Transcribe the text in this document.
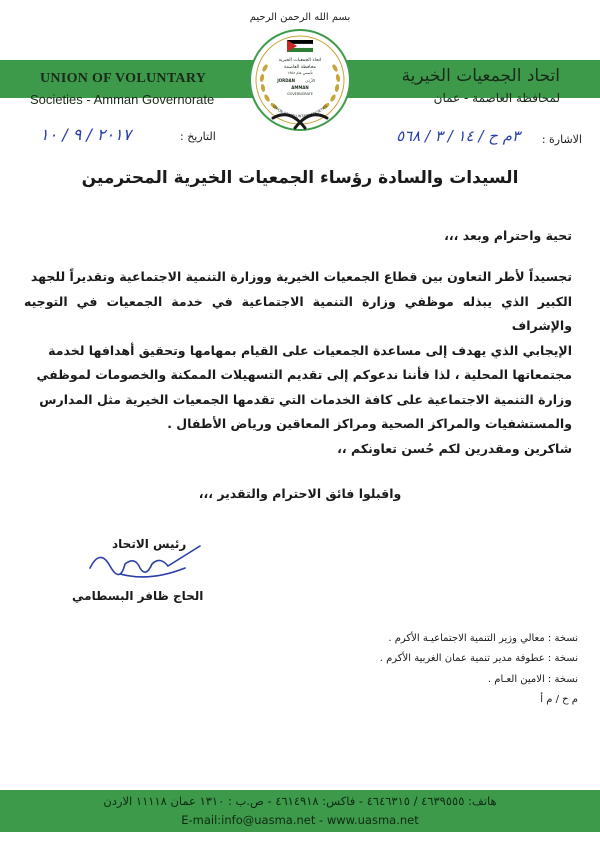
بسم الله الرحمن الرحيم
UNION OF VOLUNTARY
Societies - Amman Governorate
اتحاد الجمعيات الخيرية
لمحافظة العاصمة - عمان
اتحاد الجمعيات الخيرية
محافظة العاصمة
تأسس عام ١٩٥٨
JORDAN	الأردن
AMMAN
GOVERNORATE
UNION OF VOLUNTARY SOCIETIES
التاريخ :
٢٠١٧ / ٩ / ١٠	الاشارة :
٣م ح / ١٤ / ٣ / ٥٦٨
السيدات والسادة رؤساء الجمعيات الخيرية المحترمين
تحية واحترام وبعد ،،،
تجسيداً لأطر التعاون بين قطاع الجمعيات الخيرية ووزارة التنمية الاجتماعية وتقديراً للجهد
الكبير الذي يبذله موظفي وزارة التنمية الاجتماعية في خدمة الجمعيات في التوجيه والإشراف
الإيجابي الذي يهدف إلى مساعدة الجمعيات على القيام بمهامها وتحقيق أهدافها لخدمة
مجتمعاتها المحلية ، لذا فأننا ندعوكم إلى تقديم التسهيلات الممكنة والخصومات لموظفي
وزارة التنمية الاجتماعية على كافة الخدمات التي تقدمها الجمعيات الخيرية مثل المدارس
والمستشفيات والمراكز الصحية ومراكز المعاقين ورياض الأطفال .
شاكرين ومقدرين لكم حُسن تعاونكم ،،
واقبلوا فائق الاحترام والتقدير ،،،
رئيس الاتحاد
الحاج ظافر البسطامي
نسخة : معالي وزير التنمية الاجتماعيـة الأكرم .
نسخة : عطوفة مدير تنمية عمان الغربية الأكرم .
نسخة : الامين العـام .
م ح / م أ
هاتف: ٤٦٣٩٥٥٥ / ٤٦٤٦٣١٥ - فاكس: ٤٦١٤٩١٨ - ص.ب : ١٣١٠ عمان ١١١١٨ الاردن
E-mail:info@uasma.net - www.uasma.net
